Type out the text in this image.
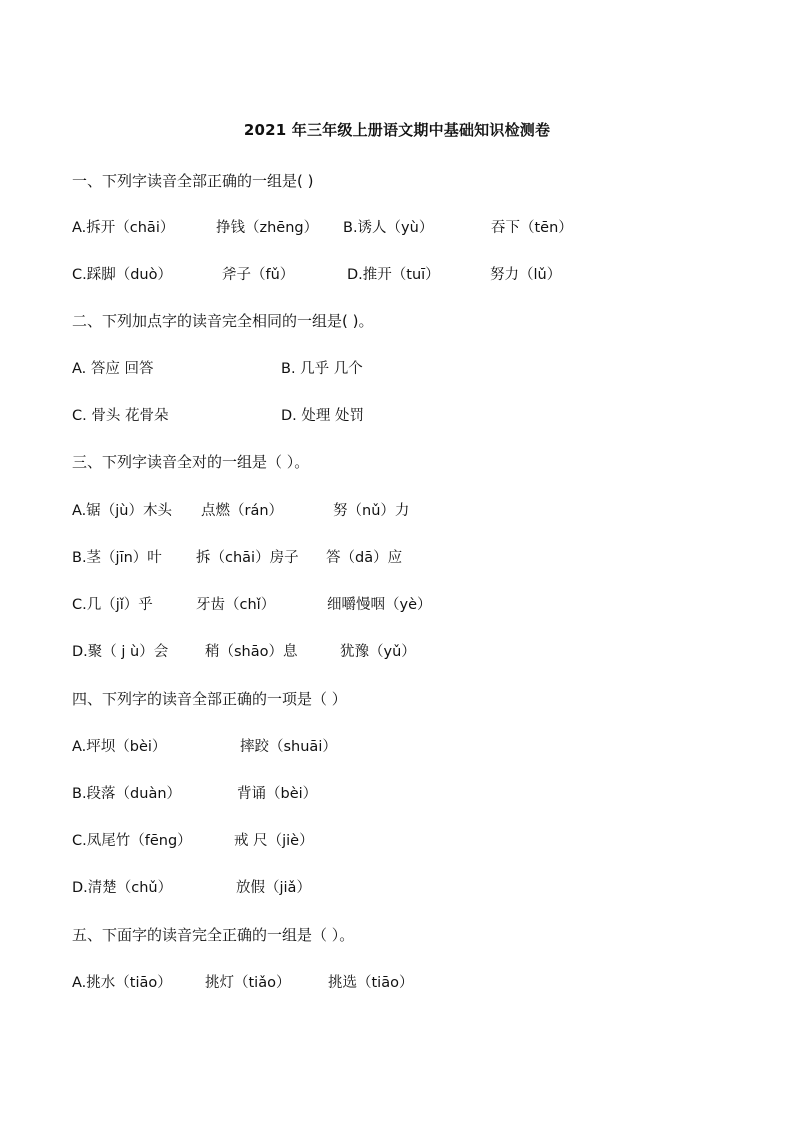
2021 年三年级上册语文期中基础知识检测卷
一、下列字读音全部正确的一组是( )
A.拆开（chāi）	挣钱（zhēng） B.诱人（yù）	吞下（tēn）
C.踩脚（duò）	斧子（fǔ）	D.推开（tuī）	努力（lǔ）
二、下列加点字的读音完全相同的一组是( )。
A. 答应 回答	B. 几乎 几个
C. 骨头 花骨朵	D. 处理 处罚
三、下列字读音全对的一组是（ ）。
A.锯（jù）木头 点燃（rán）	努（nǔ）力
B.茎（jīn）叶 拆（chāi）房子 答（dā）应
C.几（jǐ）乎	牙齿（chǐ）	细嚼慢咽（yè）
D.聚（ j ù）会	稍（shāo）息	犹豫（yǔ）
四、下列字的读音全部正确的一项是（ ）
A.坪坝（bèi）	摔跤（shuāi）
B.段落（duàn）	背诵（bèi）
C.凤尾竹（fēng）	戒 尺（jiè）
D.清楚（chǔ）	放假（jiǎ）
五、下面字的读音完全正确的一组是（ ）。
A.挑水（tiāo） 挑灯（tiǎo）	挑选（tiāo）
